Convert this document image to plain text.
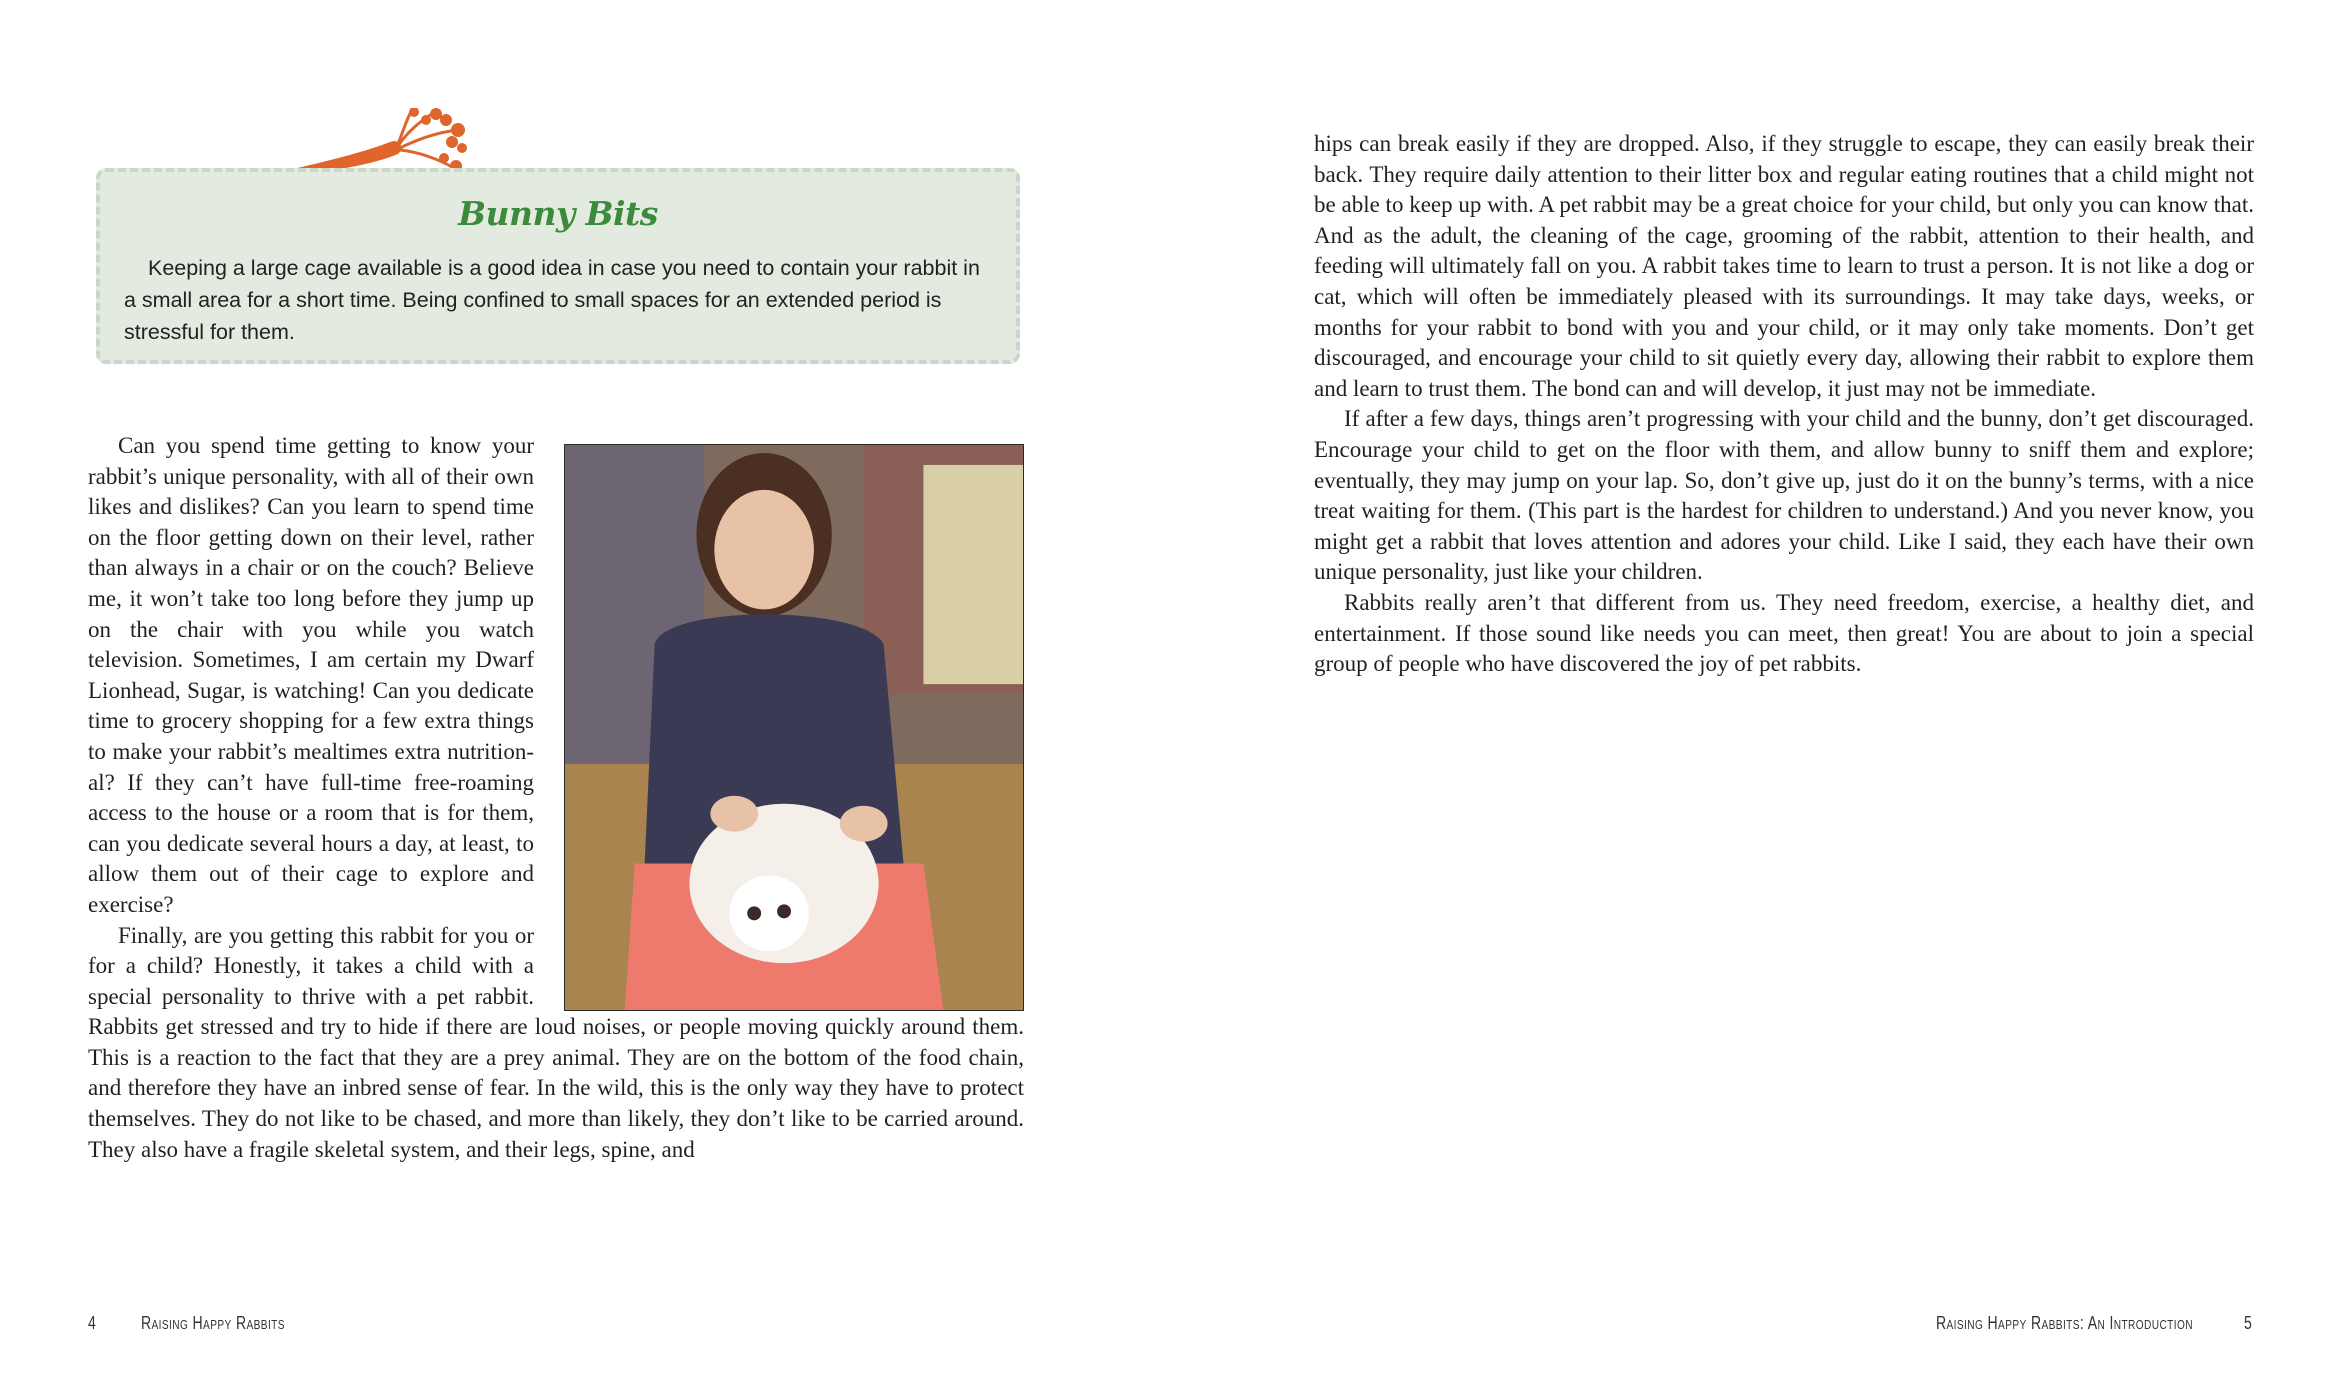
Bunny Bits

Keeping a large cage available is a good idea in case you need to contain your rabbit in a small area for a short time. Being confined to small spaces for an extended period is stressful for them.

Can you spend time getting to know your rabbit’s unique personality, with all of their own likes and dislikes? Can you learn to spend time on the floor getting down on their level, rather than always in a chair or on the couch? Believe me, it won’t take too long before they jump up on the chair with you while you watch television. Sometimes, I am certain my Dwarf Lionhead, Sugar, is watching! Can you dedicate time to grocery shopping for a few extra things to make your rabbit’s mealtimes extra nutritional? If they can’t have full-time free-roaming access to the house or a room that is for them, can you dedicate several hours a day, at least, to allow them out of their cage to explore and exercise?

Finally, are you getting this rabbit for you or for a child? Honestly, it takes a child with a special personality to thrive with a pet rabbit. Rabbits get stressed and try to hide if there are loud noises, or people moving quickly around them. This is a reaction to the fact that they are a prey animal. They are on the bottom of the food chain, and therefore they have an inbred sense of fear. In the wild, this is the only way they have to protect themselves. They do not like to be chased, and more than likely, they don’t like to be carried around. They also have a fragile skeletal system, and their legs, spine, and

4 Raising Happy Rabbits

hips can break easily if they are dropped. Also, if they struggle to escape, they can easily break their back. They require daily attention to their litter box and regular eating routines that a child might not be able to keep up with. A pet rabbit may be a great choice for your child, but only you can know that. And as the adult, the cleaning of the cage, grooming of the rabbit, attention to their health, and feeding will ultimately fall on you. A rabbit takes time to learn to trust a person. It is not like a dog or cat, which will often be immediately pleased with its surroundings. It may take days, weeks, or months for your rabbit to bond with you and your child, or it may only take moments. Don’t get discouraged, and encourage your child to sit quietly every day, allowing their rabbit to explore them and learn to trust them. The bond can and will develop, it just may not be immediate.

If after a few days, things aren’t progressing with your child and the bunny, don’t get discouraged. Encourage your child to get on the floor with them, and allow bunny to sniff them and explore; eventually, they may jump on your lap. So, don’t give up, just do it on the bunny’s terms, with a nice treat waiting for them. (This part is the hardest for children to understand.) And you never know, you might get a rabbit that loves attention and adores your child. Like I said, they each have their own unique personality, just like your children.

Rabbits really aren’t that different from us. They need freedom, exercise, a healthy diet, and entertainment. If those sound like needs you can meet, then great! You are about to join a special group of people who have discovered the joy of pet rabbits.

Raising Happy Rabbits: An Introduction	5
